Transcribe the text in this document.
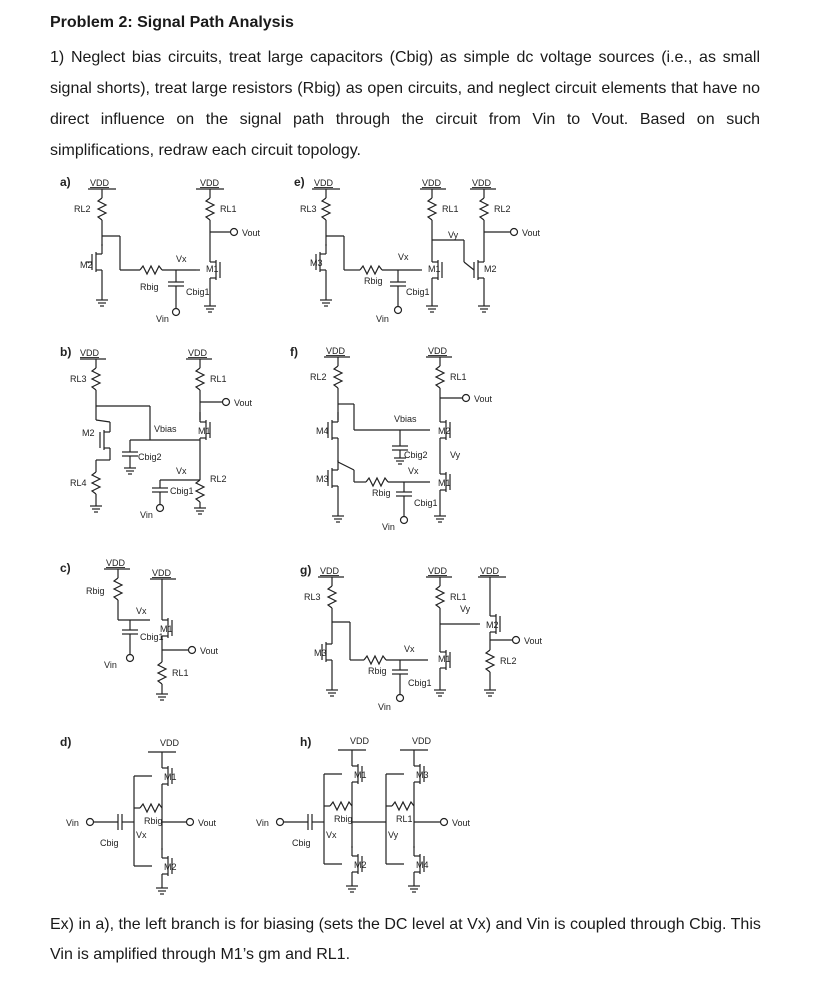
Problem 2: Signal Path Analysis
1) Neglect bias circuits, treat large capacitors (Cbig) as simple dc voltage sources (i.e., as small signal shorts), treat large resistors (Rbig) as open circuits, and neglect circuit elements that have no direct influence on the signal path through the circuit from Vin to Vout. Based on such simplifications, redraw each circuit topology.
a) VDD
RL2
M2
Rbig
Vx
Cbig1
Vin
VDD
RL1
Vout
M1
b) VDD
RL3
M2
RL4
Vbias
Cbig2
VDD
RL1
Vout
M1
Vx
RL2
Cbig1
Vin
c)	VDD
Rbig
Vx
Cbig1
Vin
VDD
M1
Vout
RL1
d)	VDD
M1
Vout
M2
Vin
Cbig
Vx
Rbig
e) VDD
RL3
M3
Rbig
Vx
Cbig1
Vin
VDD
RL1
Vy
M1
VDD
RL2
Vout
M2
f)	VDD
RL2
M4
Vbias
Cbig2
M3
Rbig
Vx
Cbig1
Vin
VDD
RL1
Vout
M2
Vy
M1
g) VDD
RL3
M3
Rbig
Vx
Cbig1
Vin
VDD
RL1
Vy
M1
VDD
M2
Vout
RL2
h)	VDD
M1
M2
Vin
Cbig
Vx
Rbig
VDD
M3
Vout
M4
Vy
RL1
Ex) in a), the left branch is for biasing (sets the DC level at Vx) and Vin is coupled through Cbig. This Vin is amplified through M1’s gm and RL1.
